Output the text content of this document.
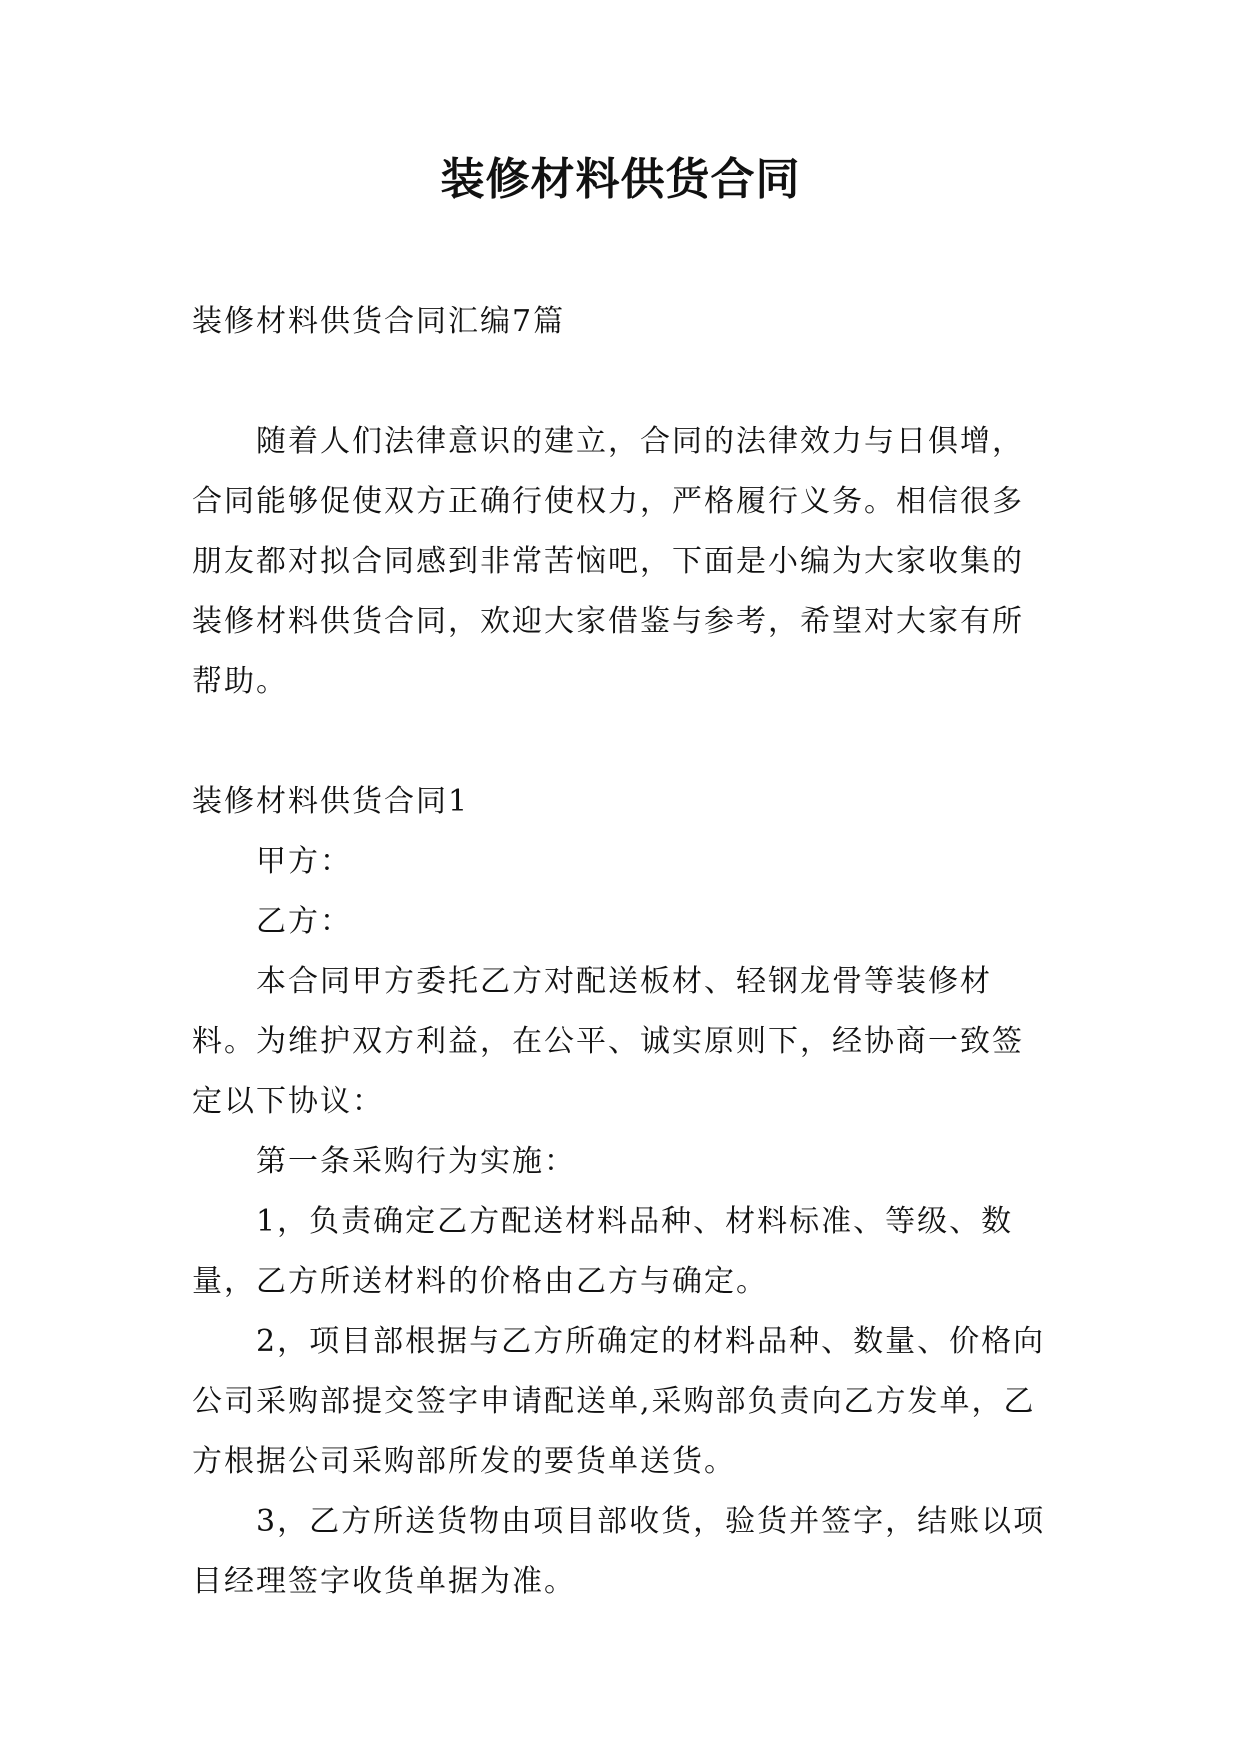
装修材料供货合同

装修材料供货合同汇编7篇

随着人们法律意识的建立，合同的法律效力与日俱增，合同能够促使双方正确行使权力，严格履行义务。相信很多朋友都对拟合同感到非常苦恼吧，下面是小编为大家收集的装修材料供货合同，欢迎大家借鉴与参考，希望对大家有所帮助。

装修材料供货合同1

甲方：

乙方：

本合同甲方委托乙方对配送板材、轻钢龙骨等装修材料。为维护双方利益，在公平、诚实原则下，经协商一致签定以下协议：

第一条采购行为实施：

1，负责确定乙方配送材料品种、材料标准、等级、数量，乙方所送材料的价格由乙方与确定。

2，项目部根据与乙方所确定的材料品种、数量、价格向公司采购部提交签字申请配送单,采购部负责向乙方发单，乙方根据公司采购部所发的要货单送货。

3，乙方所送货物由项目部收货，验货并签字，结账以项目经理签字收货单据为准。
